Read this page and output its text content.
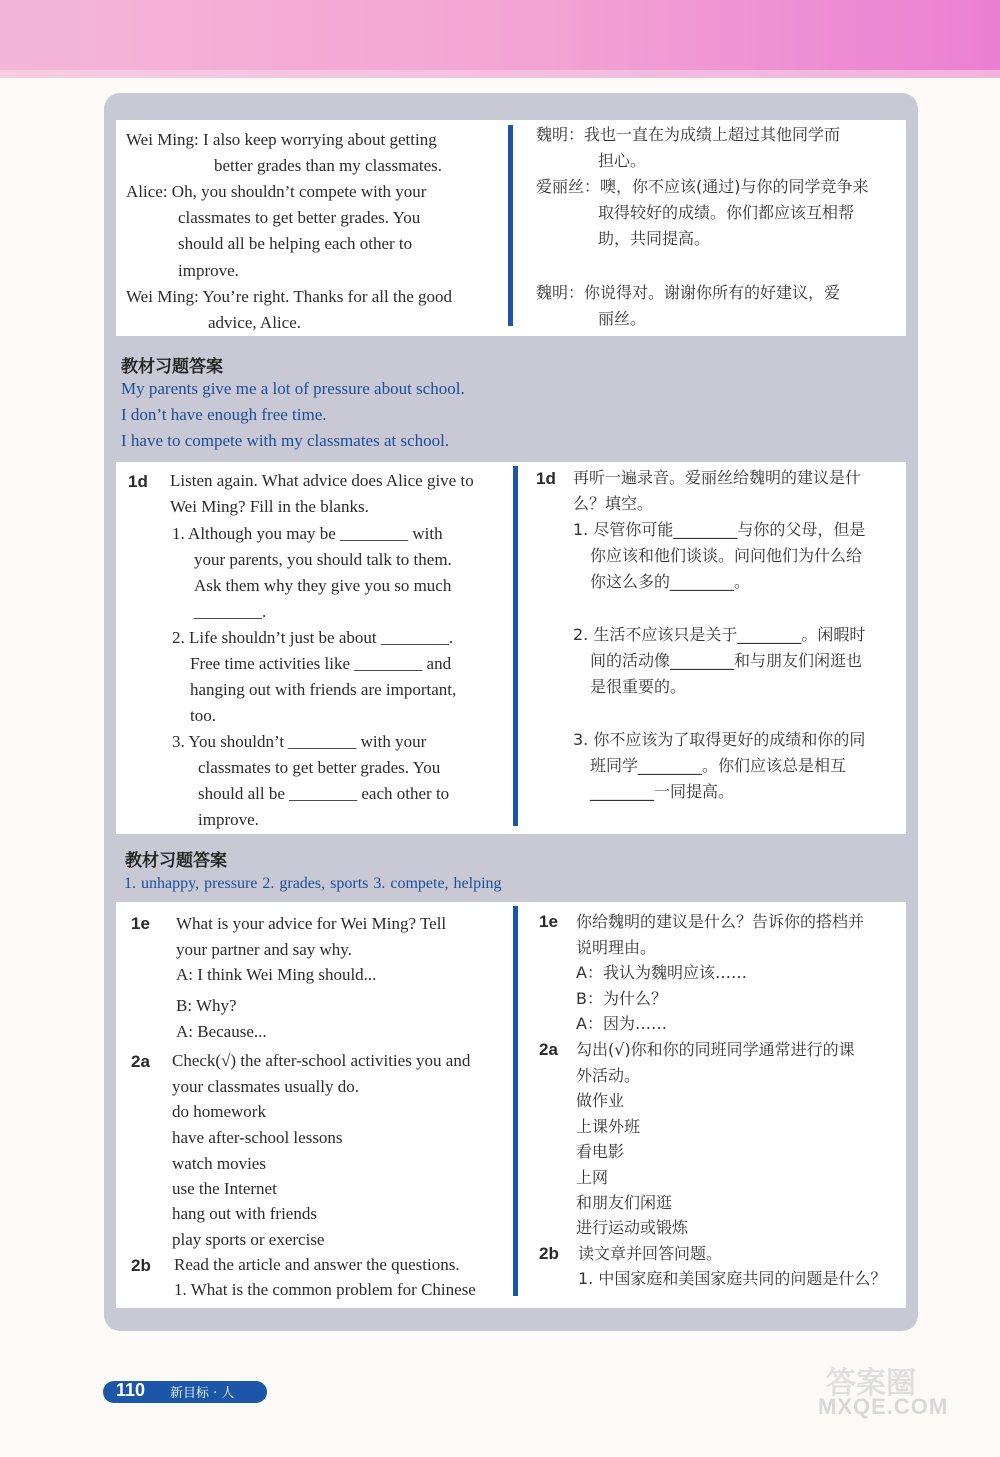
Wei Ming: I also keep worrying about getting
better grades than my classmates.
Alice: Oh, you shouldn’t compete with your
classmates to get better grades. You
should all be helping each other to
improve.
Wei Ming: You’re right. Thanks for all the good
advice, Alice.
魏明：我也一直在为成绩上超过其他同学而
担心。
爱丽丝：噢，你不应该(通过)与你的同学竞争来
取得较好的成绩。你们都应该互相帮
助，共同提高。
魏明：你说得对。谢谢你所有的好建议，爱
丽丝。
教材习题答案
My parents give me a lot of pressure about school.
I don’t have enough free time.
I have to compete with my classmates at school.
1d Listen again. What advice does Alice give to
Wei Ming? Fill in the blanks.
1. Although you may be ________ with
your parents, you should talk to them.
Ask them why they give you so much
________.
2. Life shouldn’t just be about ________.
Free time activities like ________ and
hanging out with friends are important,
too.
3. You shouldn’t ________ with your
classmates to get better grades. You
should all be ________ each other to
improve.
1d 再听一遍录音。爱丽丝给魏明的建议是什
么？填空。
1. 尽管你可能________与你的父母，但是
你应该和他们谈谈。问问他们为什么给
你这么多的________。
2. 生活不应该只是关于________。闲暇时
间的活动像________和与朋友们闲逛也
是很重要的。
3. 你不应该为了取得更好的成绩和你的同
班同学________。你们应该总是相互
________一同提高。
教材习题答案
1. unhappy, pressure 2. grades, sports 3. compete, helping
1e What is your advice for Wei Ming? Tell
your partner and say why.
A: I think Wei Ming should...
B: Why?
A: Because...
1e 你给魏明的建议是什么？告诉你的搭档并
说明理由。
A：我认为魏明应该……
B：为什么？
A：因为……
2a Check(√) the after-school activities you and
your classmates usually do.
do homework
have after-school lessons
watch movies
use the Internet
hang out with friends
play sports or exercise
2a 勾出(√)你和你的同班同学通常进行的课
外活动。
做作业
上课外班
看电影
上网
和朋友们闲逛
进行运动或锻炼
2b Read the article and answer the questions.
1. What is the common problem for Chinese
2b 读文章并回答问题。
1. 中国家庭和美国家庭共同的问题是什么？
110 新目标 · 人	答案圈
MXQE.COM
